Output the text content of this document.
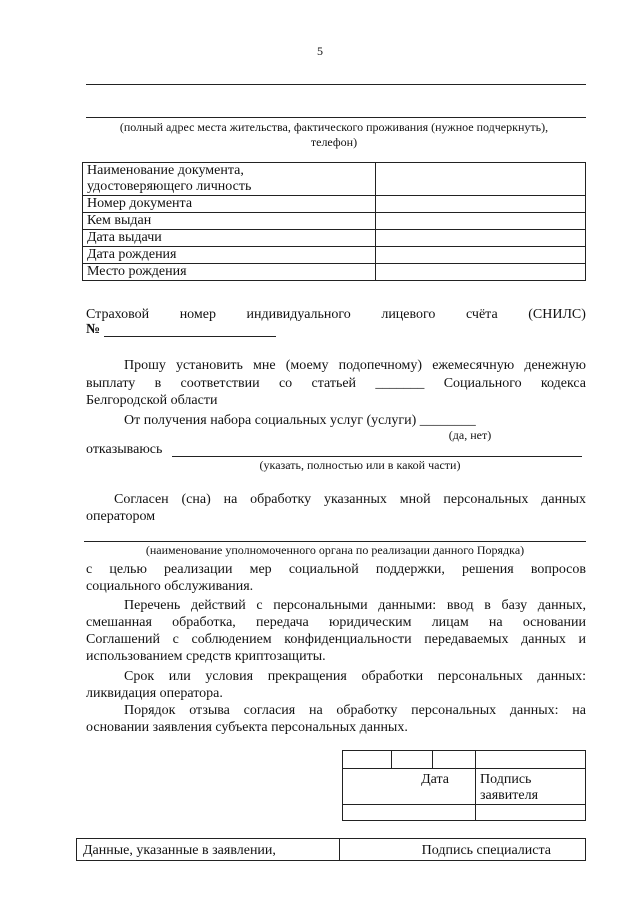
5
(полный адрес места жительства, фактического проживания (нужное подчеркнуть),
телефон)
Наименование документа,	
удостоверяющего личность	
Номер документа	
Кем выдан	
Дата выдачи	
Дата рождения	
Место рождения	
Страховой номер индивидуального лицевого счёта (СНИЛС)
№
Прошу установить мне (моему подопечному) ежемесячную денежную
выплату в соответствии со статьей _______ Социального кодекса
Белгородской области
От получения набора социальных услуг (услуги) ________
(да, нет)
отказываюсь
(указать, полностью или в какой части)
Согласен (сна) на обработку указанных мной персональных данных
оператором
(наименование уполномоченного органа по реализации данного Порядка)
с целью реализации мер социальной поддержки, решения вопросов
социального обслуживания.
Перечень действий с персональными данными: ввод в базу данных,
смешанная обработка, передача юридическим лицам на основании
Соглашений с соблюдением конфиденциальности передаваемых данных и
использованием средств криптозащиты.
Срок или условия прекращения обработки персональных данных:
ликвидация оператора.
Порядок отзыва согласия на обработку персональных данных: на
основании заявления субъекта персональных данных.

Дата			Подпись
заявителя

Данные, указанные в заявлении,	Подпись специалиста
